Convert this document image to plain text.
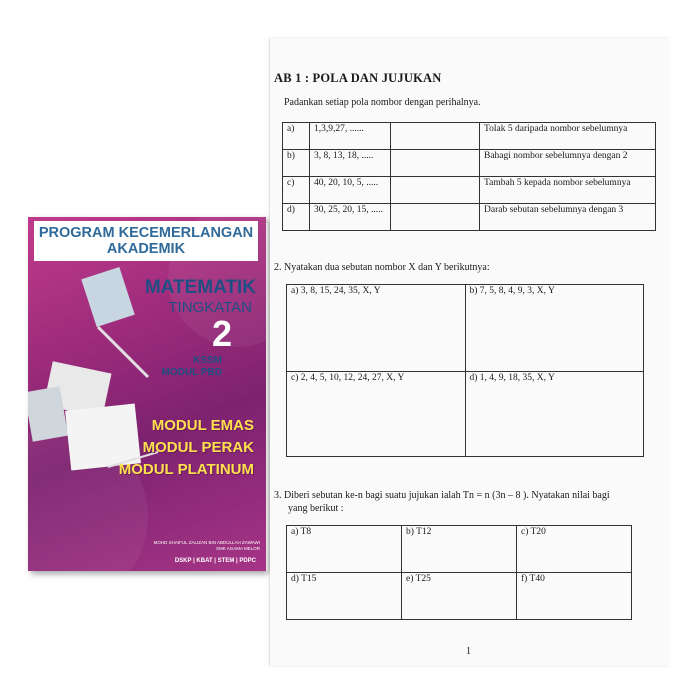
PROGRAM KECEMERLANGAN
AKADEMIK
MATEMATIK
TINGKATAN
2
KSSM
MODUL PBD
MODUL EMAS
MODUL PERAK
MODUL PLATINUM
MOHD SHAIFUL ZALIZAN BIN ABDULLAH ZAWAWI
SMK AGAMA MELOR
DSKP | KBAT | STEM | PDPC
AB 1 : POLA DAN JUJUKAN
Padankan setiap pola nombor dengan perihalnya.
a)	1,3,9,27, ......		Tolak 5 daripada nombor sebelumnya
b)	3, 8, 13, 18, .....		Bahagi nombor sebelumnya dengan 2
c)	40, 20, 10, 5, .....		Tambah 5 kepada nombor sebelumnya
d)	30, 25, 20, 15, .....		Darab sebutan sebelumnya dengan 3
2. Nyatakan dua sebutan nombor X dan Y berikutnya:
a) 3, 8, 15, 24, 35, X, Y	b) 7, 5, 8, 4, 9, 3, X, Y
c) 2, 4, 5, 10, 12, 24, 27, X, Y	d) 1, 4, 9, 18, 35, X, Y
3. Diberi sebutan ke-n bagi suatu jujukan ialah Tn = n (3n – 8 ). Nyatakan nilai bagi
yang berikut :
a) T8	b) T12	c) T20
d) T15	e) T25	f) T40
1
